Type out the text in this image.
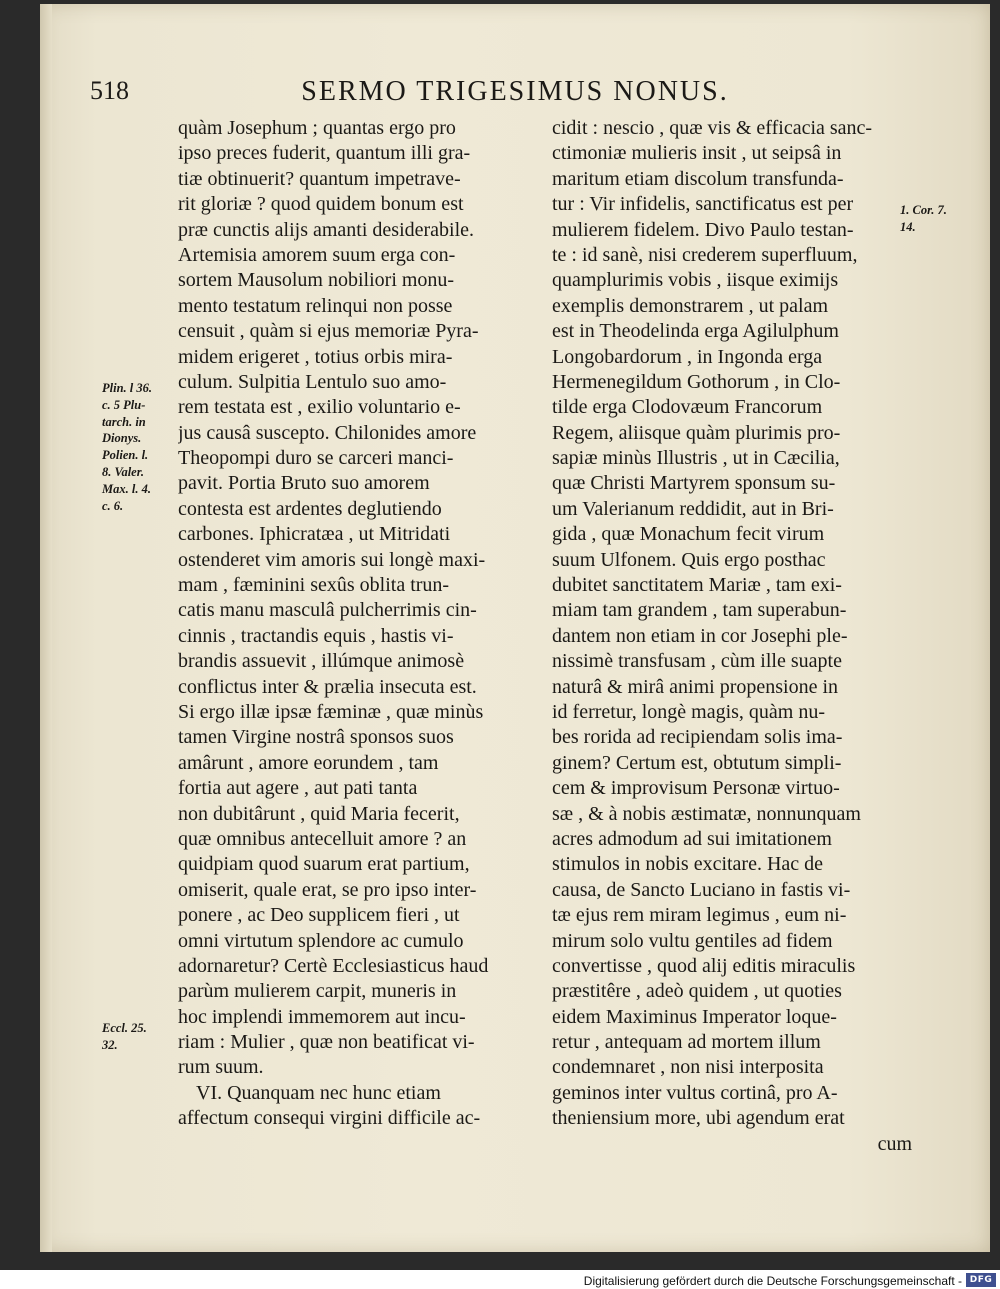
518	SERMO TRIGESIMUS NONUS.
quàm Josephum ; quantas ergo pro
ipso preces fuderit, quantum illi gra-
tiæ obtinuerit? quantum impetrave-
rit gloriæ ? quod quidem bonum est
præ cunctis alijs amanti desiderabile.
Artemisia amorem suum erga con-
sortem Mausolum nobiliori monu-
mento testatum relinqui non posse
censuit , quàm si ejus memoriæ Pyra-
midem erigeret , totius orbis mira-
culum. Sulpitia Lentulo suo amo-
rem testata est , exilio voluntario e-
jus causâ suscepto. Chilonides amore
Theopompi duro se carceri manci-
pavit. Portia Bruto suo amorem
contesta est ardentes deglutiendo
carbones. Iphicratæa , ut Mitridati
ostenderet vim amoris sui longè maxi-
mam , fæminini sexûs oblita trun-
catis manu masculâ pulcherrimis cin-
cinnis , tractandis equis , hastis vi-
brandis assuevit , illúmque animosè
conflictus inter & prælia insecuta est.
Si ergo illæ ipsæ fæminæ , quæ minùs
tamen Virgine nostrâ sponsos suos
amârunt , amore eorundem , tam
fortia aut agere , aut pati tanta
non dubitârunt , quid Maria fecerit,
quæ omnibus antecelluit amore ? an
quidpiam quod suarum erat partium,
omiserit, quale erat, se pro ipso inter-
ponere , ac Deo supplicem fieri , ut
omni virtutum splendore ac cumulo
adornaretur? Certè Ecclesiasticus haud
parùm mulierem carpit, muneris in
hoc implendi immemorem aut incu-
riam : Mulier , quæ non beatificat vi-
rum suum.
VI. Quanquam nec hunc etiam
affectum consequi virgini difficile ac-
cidit : nescio , quæ vis & efficacia sanc-
ctimoniæ mulieris insit , ut seipsâ in
maritum etiam discolum transfunda-
tur : Vir infidelis, sanctificatus est per
mulierem fidelem. Divo Paulo testan-
te : id sanè, nisi crederem superfluum,
quamplurimis vobis , iisque eximijs
exemplis demonstrarem , ut palam
est in Theodelinda erga Agilulphum
Longobardorum , in Ingonda erga
Hermenegildum Gothorum , in Clo-
tilde erga Clodovæum Francorum
Regem, aliisque quàm plurimis pro-
sapiæ minùs Illustris , ut in Cæcilia,
quæ Christi Martyrem sponsum su-
um Valerianum reddidit, aut in Bri-
gida , quæ Monachum fecit virum
suum Ulfonem. Quis ergo posthac
dubitet sanctitatem Mariæ , tam exi-
miam tam grandem , tam superabun-
dantem non etiam in cor Josephi ple-
nissimè transfusam , cùm ille suapte
naturâ & mirâ animi propensione in
id ferretur, longè magis, quàm nu-
bes rorida ad recipiendam solis ima-
ginem? Certum est, obtutum simpli-
cem & improvisum Personæ virtuo-
sæ , & à nobis æstimatæ, nonnunquam
acres admodum ad sui imitationem
stimulos in nobis excitare. Hac de
causa, de Sancto Luciano in fastis vi-
tæ ejus rem miram legimus , eum ni-
mirum solo vultu gentiles ad fidem
convertisse , quod alij editis miraculis
præstitêre , adeò quidem , ut quoties
eidem Maximinus Imperator loque-
retur , antequam ad mortem illum
condemnaret , non nisi interposita
geminos inter vultus cortinâ, pro A-
theniensium more, ubi agendum erat
cum
Plin. l 36.
c. 5 Plu-
tarch. in
Dionys.
Polien. l.
8. Valer.
Max. l. 4.
c. 6.
Eccl. 25.
32.
1. Cor. 7.
14.
Digitalisierung gefördert durch die Deutsche Forschungsgemeinschaft - DFG
